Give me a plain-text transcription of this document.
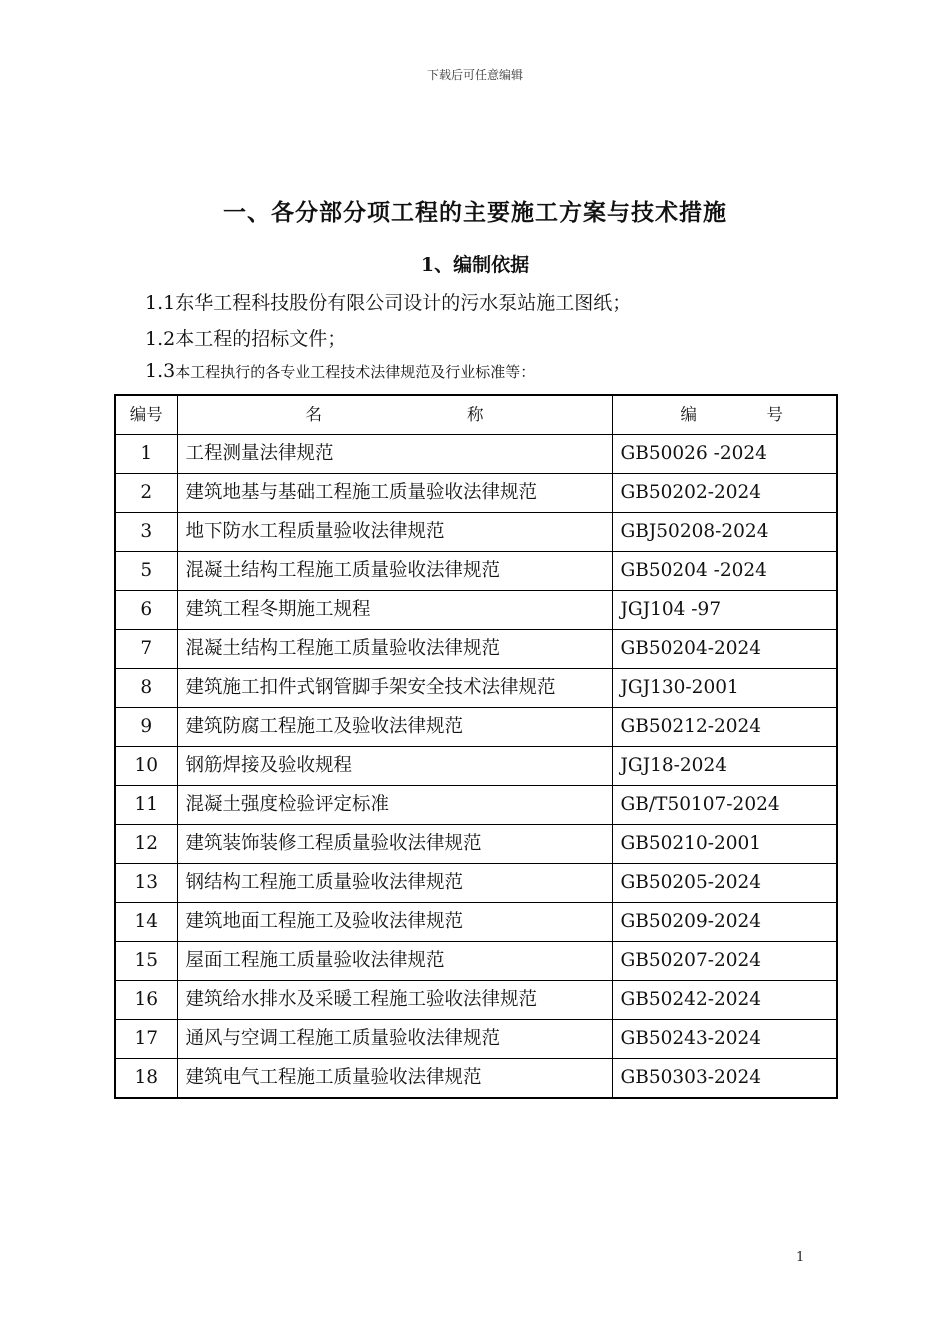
下载后可任意编辑
一、各分部分项工程的主要施工方案与技术措施
1、编制依据
1.1东华工程科技股份有限公司设计的污水泵站施工图纸；
1.2本工程的招标文件；
1.3本工程执行的各专业工程技术法律规范及行业标准等：
编号	名 称	编 号

1	工程测量法律规范	GB50026 -2024
2	建筑地基与基础工程施工质量验收法律规范	GB50202-2024
3	地下防水工程质量验收法律规范	GBJ50208-2024
5	混凝土结构工程施工质量验收法律规范	GB50204 -2024
6	建筑工程冬期施工规程	JGJ104 -97
7	混凝土结构工程施工质量验收法律规范	GB50204-2024
8	建筑施工扣件式钢管脚手架安全技术法律规范	JGJ130-2001
9	建筑防腐工程施工及验收法律规范	GB50212-2024
10	钢筋焊接及验收规程	JGJ18-2024
11	混凝土强度检验评定标准	GB/T50107-2024
12	建筑装饰装修工程质量验收法律规范	GB50210-2001
13	钢结构工程施工质量验收法律规范	GB50205-2024
14	建筑地面工程施工及验收法律规范	GB50209-2024
15	屋面工程施工质量验收法律规范	GB50207-2024
16	建筑给水排水及采暖工程施工验收法律规范	GB50242-2024
17	通风与空调工程施工质量验收法律规范	GB50243-2024
18	建筑电气工程施工质量验收法律规范	GB50303-2024
1
